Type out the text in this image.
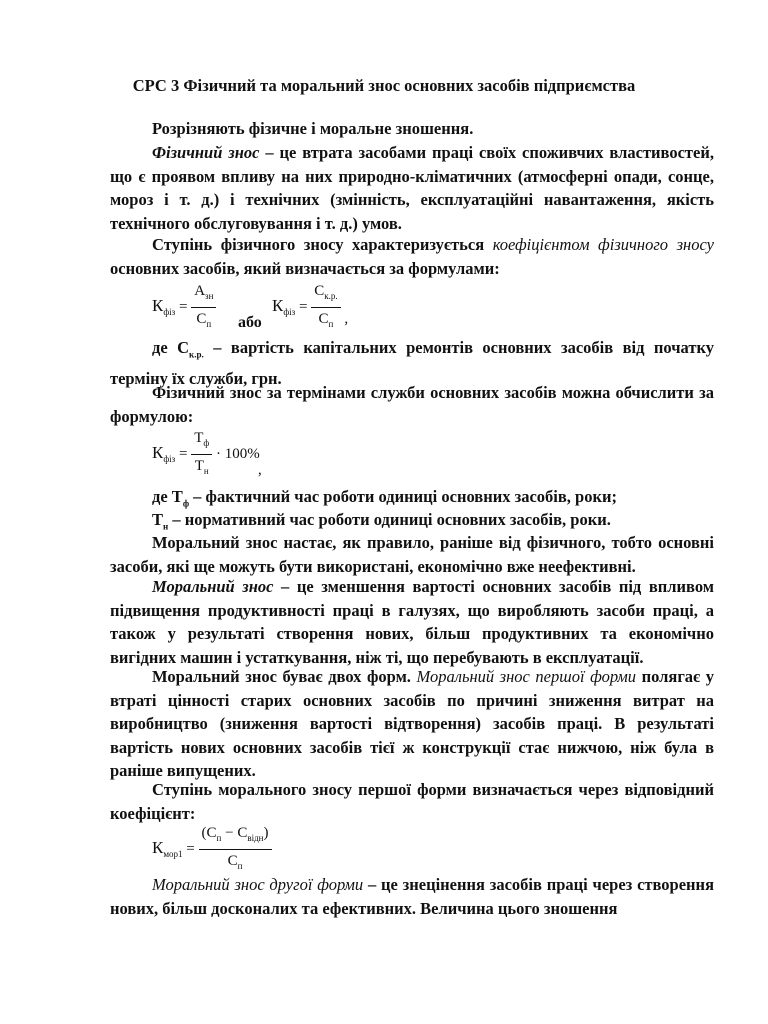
СРС 3 Фізичний та моральний знос основних засобів підприємства
Розрізняють фізичне і моральне зношення.
Фізичний знос – це втрата засобами праці своїх споживчих властивостей, що є проявом впливу на них природно-кліматичних (атмосферні опади, сонце, мороз і т. д.) і технічних (змінність, експлуатаційні навантаження, якість технічного обслуговування і т. д.) умов.
Ступінь фізичного зносу характеризується коефіцієнтом фізичного зносу основних засобів, який визначається за формулами:
$К_{фіз} = \frac{А_{зн}}{С_п}$ або
$К_{фіз} = \frac{С_{к.р.}}{С_п}$ ,
де $С_{к.р.}$ – вартість капітальних ремонтів основних засобів від початку терміну їх служби, грн.
Фізичний знос за термінами служби основних засобів можна обчислити за формулою:
$К_{фіз} = \frac{Т_ф}{Т_н} \cdot 100\%$
,
де $Т_ф$ – фактичний час роботи одиниці основних засобів, роки;
$Т_н$ – нормативний час роботи одиниці основних засобів, роки.
Моральний знос настає, як правило, раніше від фізичного, тобто основні засоби, які ще можуть бути використані, економічно вже неефективні.
Моральний знос – це зменшення вартості основних засобів під впливом підвищення продуктивності праці в галузях, що виробляють засоби праці, а також у результаті створення нових, більш продуктивних та економічно вигідних машин і устаткування, ніж ті, що перебувають в експлуатації.
Моральний знос буває двох форм. Моральний знос першої форми полягає у втраті цінності старих основних засобів по причині зниження витрат на виробництво (зниження вартості відтворення) засобів праці. В результаті вартість нових основних засобів тієї ж конструкції стає нижчою, ніж була в раніше випущених.
Ступінь морального зносу першої форми визначається через відповідний коефіцієнт:
$К_{мор1} = \frac{(С_п - С_{відн})}{С_п}$
Моральний знос другої форми – це знецінення засобів праці через створення нових, більш досконалих та ефективних. Величина цього зношення
